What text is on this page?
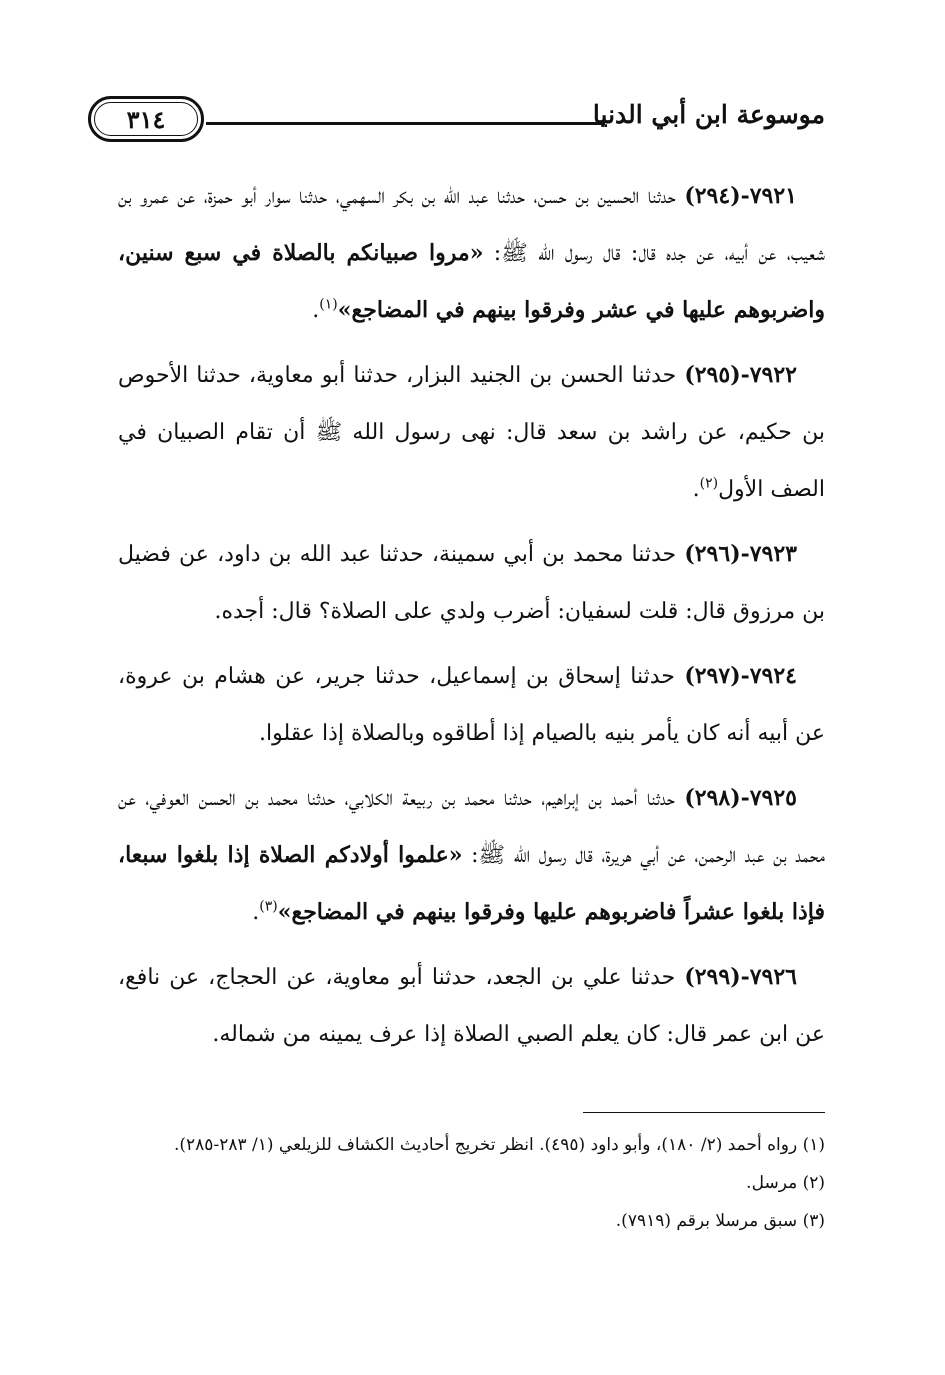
موسوعة ابن أبي الدنيا
٣١٤

٧٩٢١-(٢٩٤) حدثنا الحسين بن حسن، حدثنا عبد الله بن بكر السهمي، حدثنا سوار أبو حمزة، عن عمرو بن شعيب، عن أبيه، عن جده قال: قال رسول الله ﷺ: «مروا صبيانكم بالصلاة في سبع سنين، واضربوهم عليها في عشر وفرقوا بينهم في المضاجع»$^{(١)}$.

٧٩٢٢-(٢٩٥) حدثنا الحسن بن الجنيد البزار، حدثنا أبو معاوية، حدثنا الأحوص بن حكيم، عن راشد بن سعد قال: نهى رسول الله ﷺ أن تقام الصبيان في الصف الأول$^{(٢)}$.

٧٩٢٣-(٢٩٦) حدثنا محمد بن أبي سمينة، حدثنا عبد الله بن داود، عن فضيل بن مرزوق قال: قلت لسفيان: أضرب ولدي على الصلاة؟ قال: أجده.

٧٩٢٤-(٢٩٧) حدثنا إسحاق بن إسماعيل، حدثنا جرير، عن هشام بن عروة، عن أبيه أنه كان يأمر بنيه بالصيام إذا أطاقوه وبالصلاة إذا عقلوا.

٧٩٢٥-(٢٩٨) حدثنا أحمد بن إبراهيم، حدثنا محمد بن ربيعة الكلابي، حدثنا محمد بن الحسن العوفي، عن محمد بن عبد الرحمن، عن أبي هريرة، قال رسول الله ﷺ: «علموا أولادكم الصلاة إذا بلغوا سبعا، فإذا بلغوا عشراً فاضربوهم عليها وفرقوا بينهم في المضاجع»$^{(٣)}$.

٧٩٢٦-(٢٩٩) حدثنا علي بن الجعد، حدثنا أبو معاوية، عن الحجاج، عن نافع، عن ابن عمر قال: كان يعلم الصبي الصلاة إذا عرف يمينه من شماله.

(١) رواه أحمد (٢/ ١٨٠)، وأبو داود (٤٩٥). انظر تخريج أحاديث الكشاف للزيلعي (١/ ٢٨٣-٢٨٥).

(٢) مرسل.

(٣) سبق مرسلا برقم (٧٩١٩).
